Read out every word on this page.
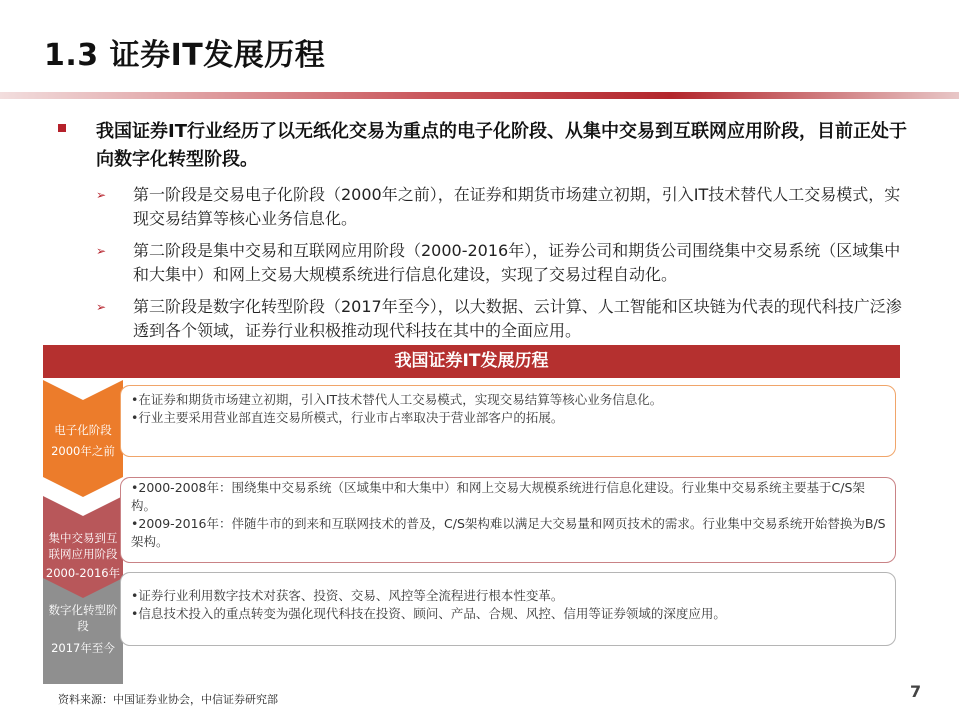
1.3 证券IT发展历程
我国证券IT行业经历了以无纸化交易为重点的电子化阶段、从集中交易到互联网应用阶段，目前正处于向数字化转型阶段。
➢ 第一阶段是交易电子化阶段（2000年之前），在证券和期货市场建立初期，引入IT技术替代人工交易模式，实现交易结算等核心业务信息化。
➢ 第二阶段是集中交易和互联网应用阶段（2000-2016年），证券公司和期货公司围绕集中交易系统（区域集中和大集中）和网上交易大规模系统进行信息化建设，实现了交易过程自动化。
➢ 第三阶段是数字化转型阶段（2017年至今），以大数据、云计算、人工智能和区块链为代表的现代科技广泛渗透到各个领域，证券行业积极推动现代科技在其中的全面应用。
我国证券IT发展历程
电子化阶段
2000年之前

•在证券和期货市场建立初期，引入IT技术替代人工交易模式，实现交易结算等核心业务信息化。

•行业主要采用营业部直连交易所模式，行业市占率取决于营业部客户的拓展。

集中交易到互联网应用阶段
2000-2016年

•2000-2008年：围绕集中交易系统（区域集中和大集中）和网上交易大规模系统进行信息化建设。行业集中交易系统主要基于C/S架构。

•2009-2016年：伴随牛市的到来和互联网技术的普及，C/S架构难以满足大交易量和网页技术的需求。行业集中交易系统开始替换为B/S架构。

数字化转型阶段
2017年至今

•证券行业利用数字技术对获客、投资、交易、风控等全流程进行根本性变革。

•信息技术投入的重点转变为强化现代科技在投资、顾问、产品、合规、风控、信用等证券领域的深度应用。

资料来源：中国证券业协会，中信证券研究部	7
